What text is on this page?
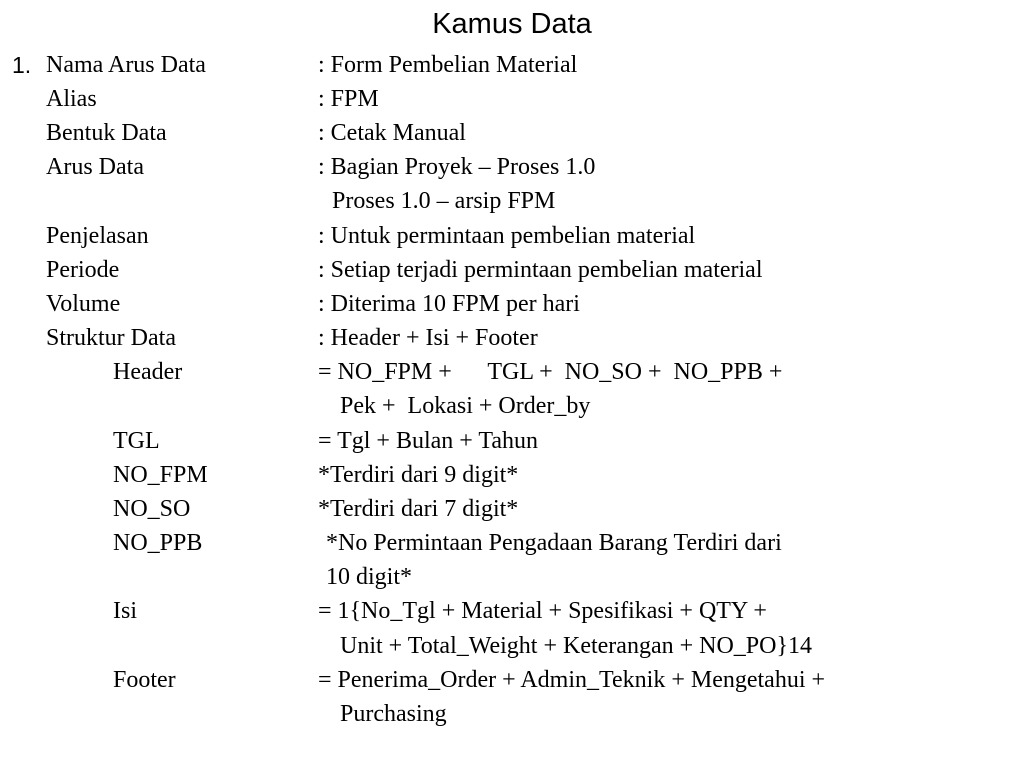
Kamus Data
1. Nama Arus Data	: Form Pembelian Material
Alias	: FPM
Bentuk Data	: Cetak Manual
Arus Data	: Bagian Proyek – Proses 1.0
Proses 1.0 – arsip FPM
Penjelasan	: Untuk permintaan pembelian material
Periode	: Setiap terjadi permintaan pembelian material
Volume	: Diterima 10 FPM per hari
Struktur Data	: Header + Isi + Footer
Header	= NO_FPM +      TGL +  NO_SO +  NO_PPB +
Pek +  Lokasi + Order_by
TGL	= Tgl + Bulan + Tahun
NO_FPM	*Terdiri dari 9 digit*
NO_SO	*Terdiri dari 7 digit*
NO_PPB	*No Permintaan Pengadaan Barang Terdiri dari
10 digit*
Isi	= 1{No_Tgl + Material + Spesifikasi + QTY +
Unit + Total_Weight + Keterangan + NO_PO}14
Footer	= Penerima_Order + Admin_Teknik + Mengetahui +
Purchasing
